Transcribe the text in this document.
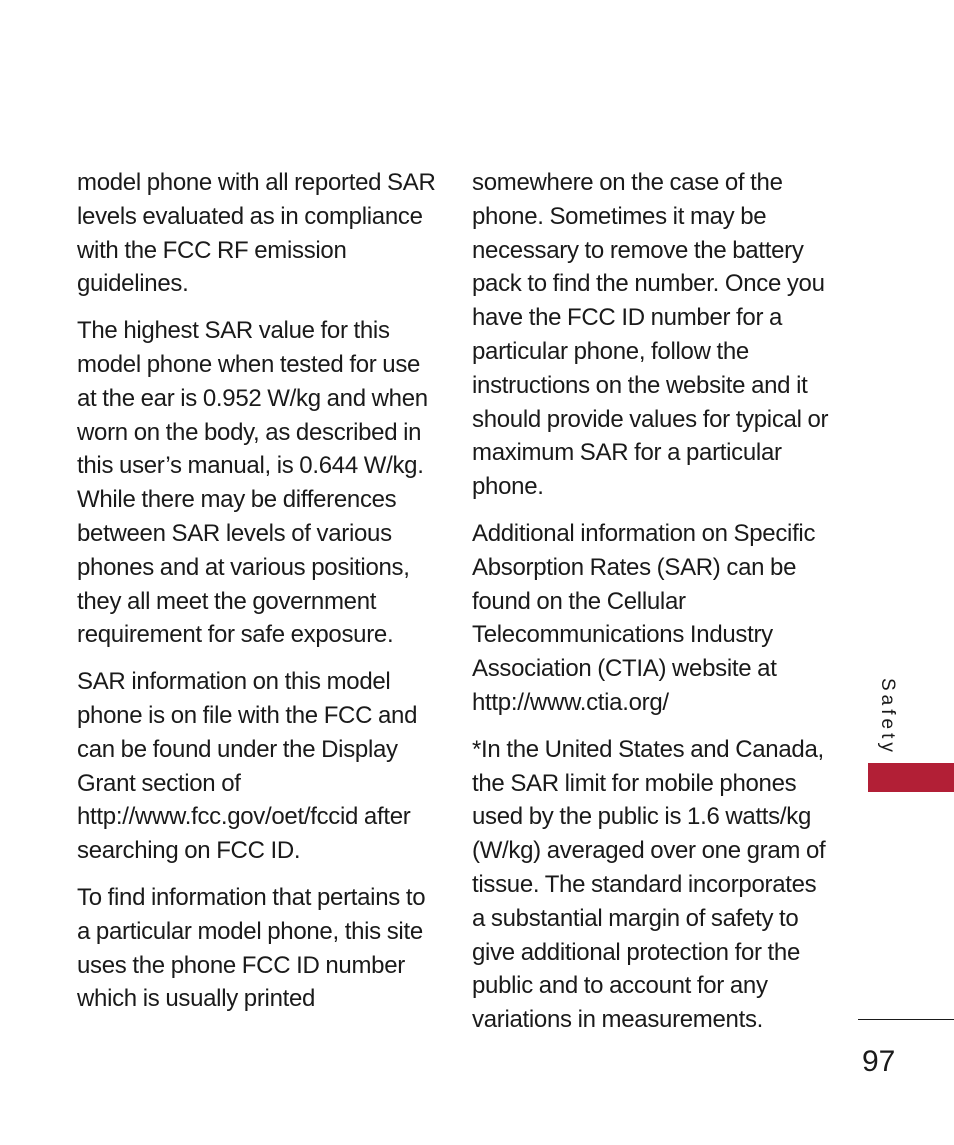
model phone with all reported SAR levels evaluated as in compliance with the FCC RF emission guidelines.

The highest SAR value for this model phone when tested for use at the ear is 0.952 W/kg and when worn on the body, as described in this user’s manual, is 0.644 W/kg. While there may be differences between SAR levels of various phones and at various positions, they all meet the government requirement for safe exposure.

SAR information on this model phone is on file with the FCC and can be found under the Display Grant section of http://www.fcc.gov/oet/fccid after searching on FCC ID.

To find information that pertains to a particular model phone, this site uses the phone FCC ID number which is usually printed

somewhere on the case of the phone. Sometimes it may be necessary to remove the battery pack to find the number. Once you have the FCC ID number for a particular phone, follow the instructions on the website and it should provide values for typical or maximum SAR for a particular phone.

Additional information on Specific Absorption Rates (SAR) can be found on the Cellular Telecommunications Industry Association (CTIA) website at http://www.ctia.org/

*In the United States and Canada, the SAR limit for mobile phones used by the public is 1.6 watts/kg (W/kg) averaged over one gram of tissue. The standard incorporates a substantial margin of safety to give additional protection for the public and to account for any variations in measurements.

Safety
97
